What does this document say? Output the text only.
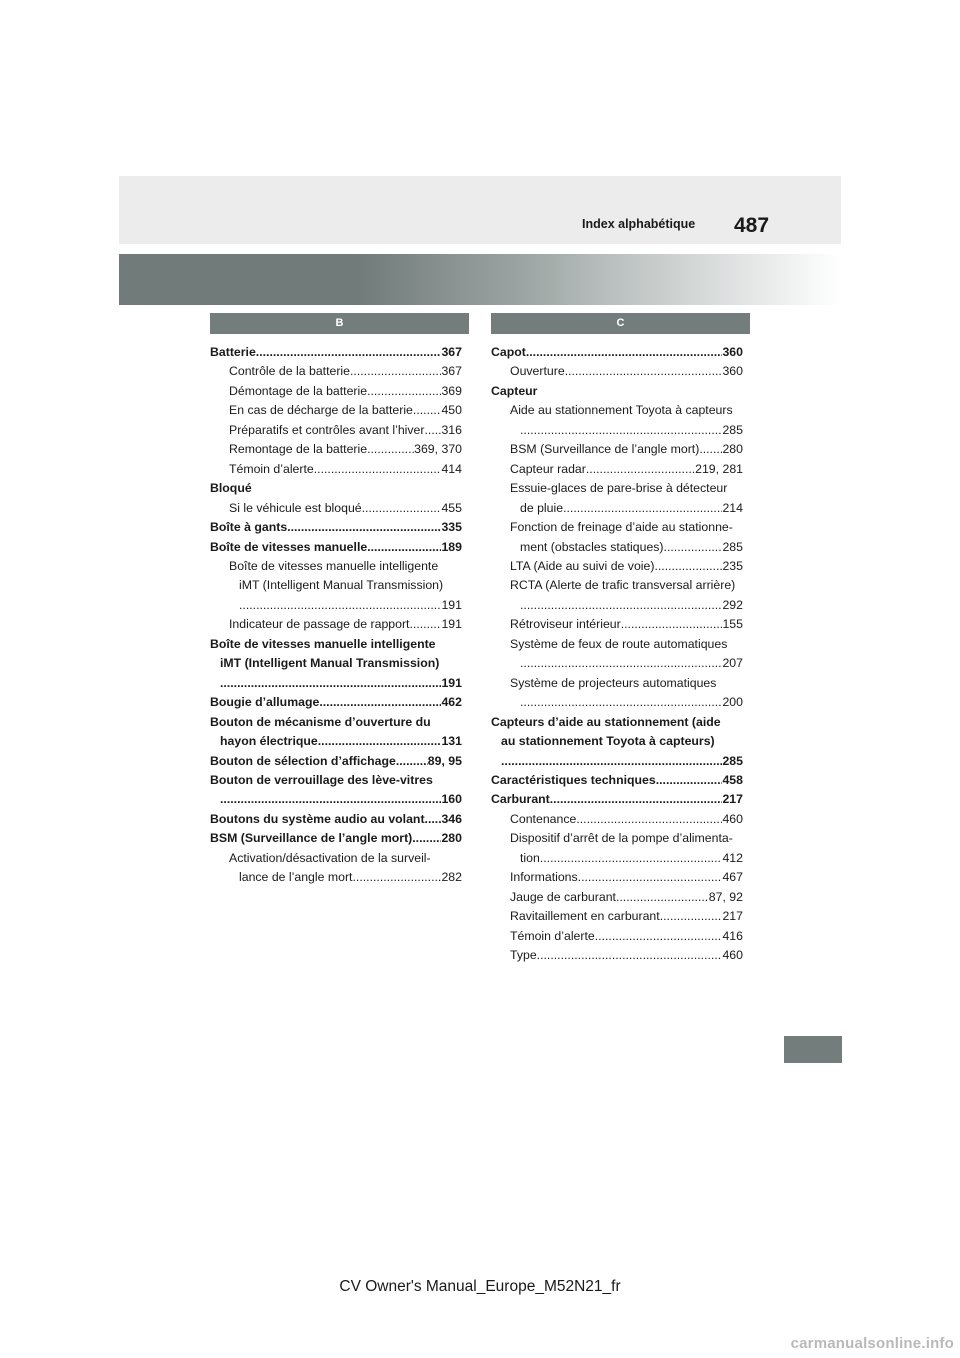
487
Index alphabétique
B	C
Batterie .....	367
Contrôle de la batterie .....	367
Démontage de la batterie .....	369
En cas de décharge de la batterie ..... 450
Préparatifs et contrôles avant l’hiver ..... 316
Remontage de la batterie .....	369, 370
Témoin d’alerte .....	414
Bloqué
Si le véhicule est bloqué .....	455
Boîte à gants .....	335
Boîte de vitesses manuelle .....	189
Boîte de vitesses manuelle intelligente
iMT (Intelligent Manual Transmission)
.....
191
Indicateur de passage de rapport .....	191
Boîte de vitesses manuelle intelligente
iMT (Intelligent Manual Transmission)
.....
191
Bougie d’allumage .....	462
Bouton de mécanisme d’ouverture du
hayon électrique .....	131
Bouton de sélection d’affichage .....	89, 95
Bouton de verrouillage des lève-vitres
.....
160
Boutons du système audio au volant ..... 346
BSM (Surveillance de l’angle mort) ..... 280
Activation/désactivation de la surveil-
lance de l’angle mort .....	282
Capot .....	360
Ouverture .....	360
Capteur
Aide au stationnement Toyota à capteurs
.....
285
BSM (Surveillance de l’angle mort) ..... 280
Capteur radar .....	219, 281
Essuie-glaces de pare-brise à détecteur
de pluie .....	214
Fonction de freinage d’aide au stationne-
ment (obstacles statiques) .....	285
LTA (Aide au suivi de voie) .....	235
RCTA (Alerte de trafic transversal arrière)
.....
292
Rétroviseur intérieur .....	155
Système de feux de route automatiques
.....
207
Système de projecteurs automatiques
.....
200
Capteurs d’aide au stationnement (aide
au stationnement Toyota à capteurs)
.....
285
Caractéristiques techniques .....	458
Carburant .....	217
Contenance .....	460
Dispositif d’arrêt de la pompe d’alimenta-
tion .....	412
Informations .....	467
Jauge de carburant .....	87, 92
Ravitaillement en carburant .....	217
Témoin d’alerte .....	416
Type .....	460
CV Owner's Manual_Europe_M52N21_fr
carmanualsonline.info
